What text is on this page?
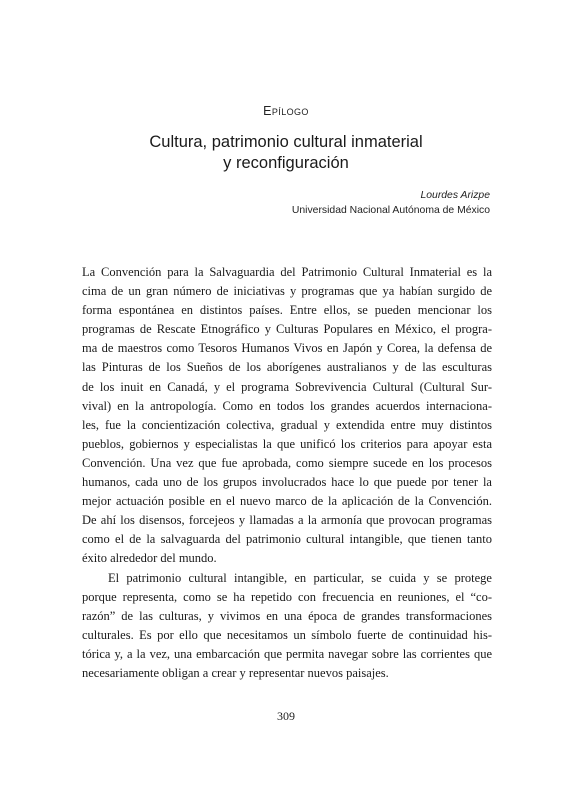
Epílogo
Cultura, patrimonio cultural inmaterial
y reconfiguración
Lourdes Arizpe
Universidad Nacional Autónoma de México

La Convención para la Salvaguardia del Patrimonio Cultural Inmaterial es la
cima de un gran número de iniciativas y programas que ya habían surgido de
forma espontánea en distintos países. Entre ellos, se pueden mencionar los
programas de Rescate Etnográfico y Culturas Populares en México, el progra-
ma de maestros como Tesoros Humanos Vivos en Japón y Corea, la defensa de
las Pinturas de los Sueños de los aborígenes australianos y de las esculturas
de los inuit en Canadá, y el programa Sobrevivencia Cultural (Cultural Sur-
vival) en la antropología. Como en todos los grandes acuerdos internaciona-
les, fue la concientización colectiva, gradual y extendida entre muy distintos
pueblos, gobiernos y especialistas la que unificó los criterios para apoyar esta
Convención. Una vez que fue aprobada, como siempre sucede en los procesos
humanos, cada uno de los grupos involucrados hace lo que puede por tener la
mejor actuación posible en el nuevo marco de la aplicación de la Convención.
De ahí los disensos, forcejeos y llamadas a la armonía que provocan programas
como el de la salvaguarda del patrimonio cultural intangible, que tienen tanto
éxito alrededor del mundo.

El patrimonio cultural intangible, en particular, se cuida y se protege
porque representa, como se ha repetido con frecuencia en reuniones, el “co-
razón” de las culturas, y vivimos en una época de grandes transformaciones
culturales. Es por ello que necesitamos un símbolo fuerte de continuidad his-
tórica y, a la vez, una embarcación que permita navegar sobre las corrientes que
necesariamente obligan a crear y representar nuevos paisajes.

309
